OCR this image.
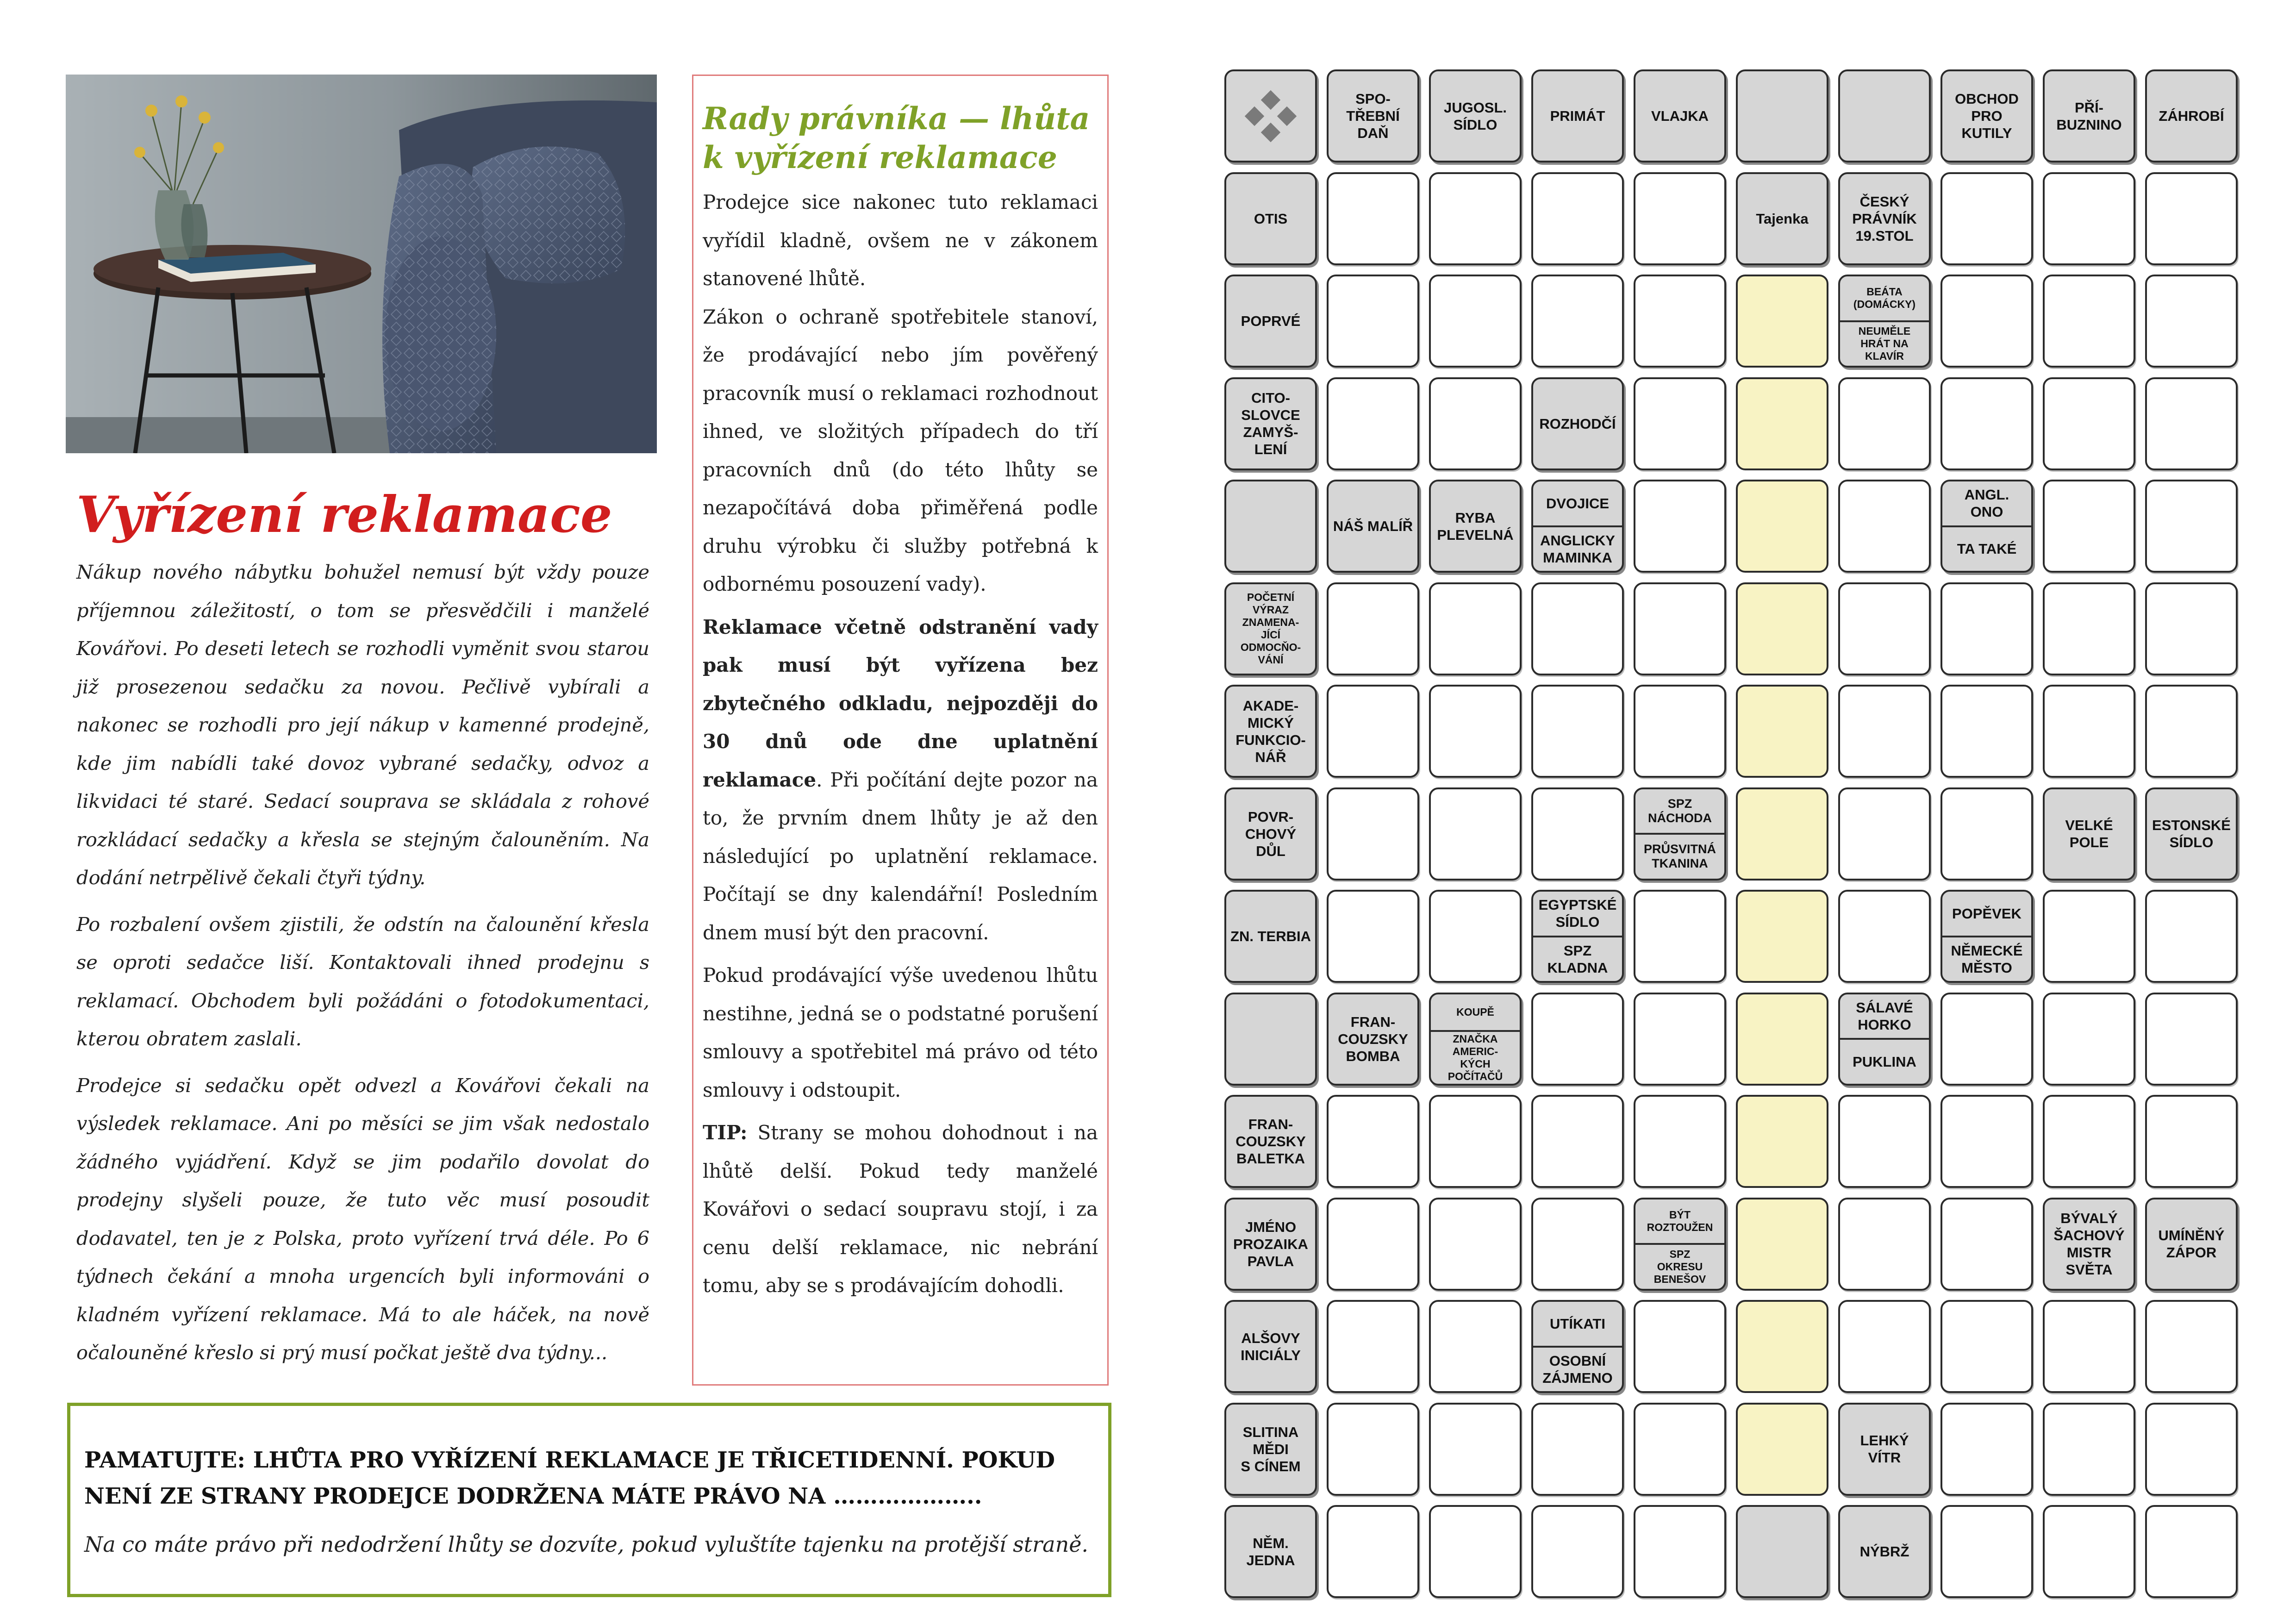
Vyřízení reklamace

Nákup nového nábytku bohužel nemusí být vždy pouze příjemnou záležitostí, o tom se přesvědčili i manželé Kovářovi. Po deseti letech se rozhodli vyměnit svou starou již prosezenou sedačku za novou. Pečlivě vybírali a nakonec se rozhodli pro její nákup v kamenné prodejně, kde jim nabídli také dovoz vybrané sedačky, odvoz a likvidaci té staré. Sedací souprava se skládala z rohové rozkládací sedačky a křesla se stejným čalouněním. Na dodání netrpělivě čekali čtyři týdny.

Po rozbalení ovšem zjistili, že odstín na čalounění křesla se oproti sedačce liší. Kontaktovali ihned prodejnu s reklamací. Obchodem byli požádáni o fotodokumentaci, kterou obratem zaslali.

Prodejce si sedačku opět odvezl a Kovářovi čekali na výsledek reklamace. Ani po měsíci se jim však nedostalo žádného vyjádření. Když se jim podařilo dovolat do prodejny slyšeli pouze, že tuto věc musí posoudit dodavatel, ten je z Polska, proto vyřízení trvá déle. Po 6 týdnech čekání a mnoha urgencích byli informováni o kladném vyřízení reklamace. Má to ale háček, na nově očalouněné křeslo si prý musí počkat ještě dva týdny...

Rady právníka — lhůta k vyřízení reklamace

Prodejce sice nakonec tuto reklamaci vyřídil kladně, ovšem ne v zákonem stanovené lhůtě.
Zákon o ochraně spotřebitele stanoví, že prodávající nebo jím pověřený pracovník musí o reklamaci rozhodnout ihned, ve složitých případech do tří pracovních dnů (do této lhůty se nezapočítává doba přiměřená podle druhu výrobku či služby potřebná k odbornému posouzení vady).

Reklamace včetně odstranění vady pak musí být vyřízena bez zbytečného odkladu, nejpozději do 30 dnů ode dne uplatnění reklamace. Při počítání dejte pozor na to, že prvním dnem lhůty je až den následující po uplatnění reklamace. Počítají se dny kalendářní! Posledním dnem musí být den pracovní.

Pokud prodávající výše uvedenou lhůtu nestihne, jedná se o podstatné porušení smlouvy a spotřebitel má právo od této smlouvy i odstoupit.

TIP: Strany se mohou dohodnout i na lhůtě delší. Pokud tedy manželé Kovářovi o sedací soupravu stojí, i za cenu delší reklamace, nic nebrání tomu, aby se s prodávajícím dohodli.

PAMATUJTE: LHŮTA PRO VYŘÍZENÍ REKLAMACE JE TŘICETIDENNÍ. POKUD NENÍ ZE STRANY PRODEJCE DODRŽENA MÁTE PRÁVO NA ………………..
Na co máte právo při nedodržení lhůty se dozvíte, pokud vyluštíte tajenku na protější straně.
SPO-
TŘEBNÍ
DAŇ
JUGOSL.
SÍDLO
PRIMÁT	VLAJKA
OBCHOD
PRO
KUTILY
PŘÍ-
BUZNINO
ZÁHROBÍ
OTIS	Tajenka
ČESKÝ
PRÁVNÍK
19.STOL
POPRVÉ
BEÁTA
(DOMÁCKY)
NEUMĚLE
HRÁT NA
KLAVÍR
CITO-
SLOVCE
ZAMYŠ-
LENÍ
ROZHODČÍ
NÁŠ MALÍŘ
RYBA
PLEVELNÁ
DVOJICE
ANGLICKY
MAMINKA
ANGL.
ONO
TA TAKÉ
POČETNÍ
VÝRAZ
ZNAMENA-
JÍCÍ
ODMOCŇO-
VÁNÍ
AKADE-
MICKÝ
FUNKCIO-
NÁŘ
POVR-
CHOVÝ
DŮL
SPZ
NÁCHODA
PRŮSVITNÁ
TKANINA
VELKÉ
POLE
ESTONSKÉ
SÍDLO
ZN. TERBIA
EGYPTSKÉ
SÍDLO
SPZ
KLADNA
POPĚVEK
NĚMECKÉ
MĚSTO
FRAN-
COUZSKY
BOMBA
KOUPĚ
ZNAČKA
AMERIC-
KÝCH
POČÍTAČŮ
SÁLAVÉ
HORKO
PUKLINA
FRAN-
COUZSKY
BALETKA
JMÉNO
PROZAIKA
PAVLA
BÝT
ROZTOUŽEN
SPZ
OKRESU
BENEŠOV
BÝVALÝ
ŠACHOVÝ
MISTR
SVĚTA
UMÍNĚNÝ
ZÁPOR
ALŠOVY
INICIÁLY
UTÍKATI
OSOBNÍ
ZÁJMENO
SLITINA
MĚDI
S CÍNEM
LEHKÝ
VÍTR
NĚM.
JEDNA
NÝBRŽ
